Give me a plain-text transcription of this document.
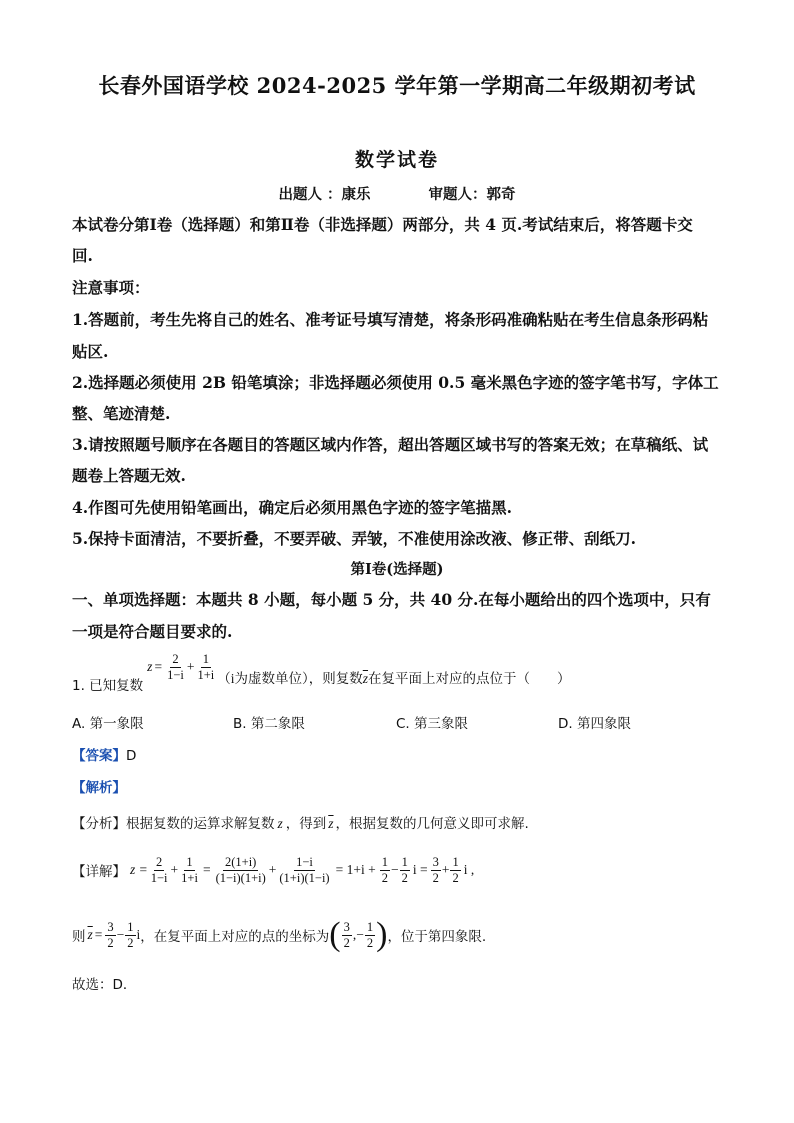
长春外国语学校 2024-2025 学年第一学期高二年级期初考试
数学试卷
出题人 ：康乐	审题人：郭奇
本试卷分第Ⅰ卷（选择题）和第Ⅱ卷（非选择题）两部分，共 4 页.考试结束后，将答题卡交
回.
注意事项：
1.答题前，考生先将自己的姓名、准考证号填写清楚，将条形码准确粘贴在考生信息条形码粘
贴区.
2.选择题必须使用 2B 铅笔填涂；非选择题必须使用 0.5 毫米黑色字迹的签字笔书写，字体工
整、笔迹清楚.
3.请按照题号顺序在各题目的答题区域内作答，超出答题区域书写的答案无效；在草稿纸、试
题卷上答题无效.
4.作图可先使用铅笔画出，确定后必须用黑色字迹的签字笔描黑.
5.保持卡面清洁，不要折叠，不要弄破、弄皱，不准使用涂改液、修正带、刮纸刀.
第Ⅰ卷(选择题)
一、单项选择题：本题共 8 小题，每小题 5 分，共 40 分.在每小题给出的四个选项中，只有
一项是符合题目要求的.
1. 已知复数
$z = \frac{2}{1-i} + \frac{1}{1+i} (i$为虚数单位），则复数$\overline{z}$在复平面上对应的点位于（　　）
A. 第一象限	B. 第二象限	C. 第三象限	D. 第四象限
【答案】D
【解析】
【分析】根据复数的运算求解复数 z ，得到 $\overline{z}$ ，根据复数的几何意义即可求解.
【详解】 $z = \frac{2}{1-i} + \frac{1}{1+i} = \frac{2(1+i)}{(1-i)(1+i)} + \frac{1-i}{(1+i)(1-i)} = 1+i + \frac{1}{2} - \frac{1}{2}$ $i = \frac{3}{2} + \frac{1}{2}$ i ,
则 $\overline{z} = \frac{3}{2} - \frac{1}{2}$ i ，在复平面上对应的点的坐标为 ( $\frac{3}{2}$ ,− $\frac{1}{2}$ ) ，位于第四象限.
故选：D．
